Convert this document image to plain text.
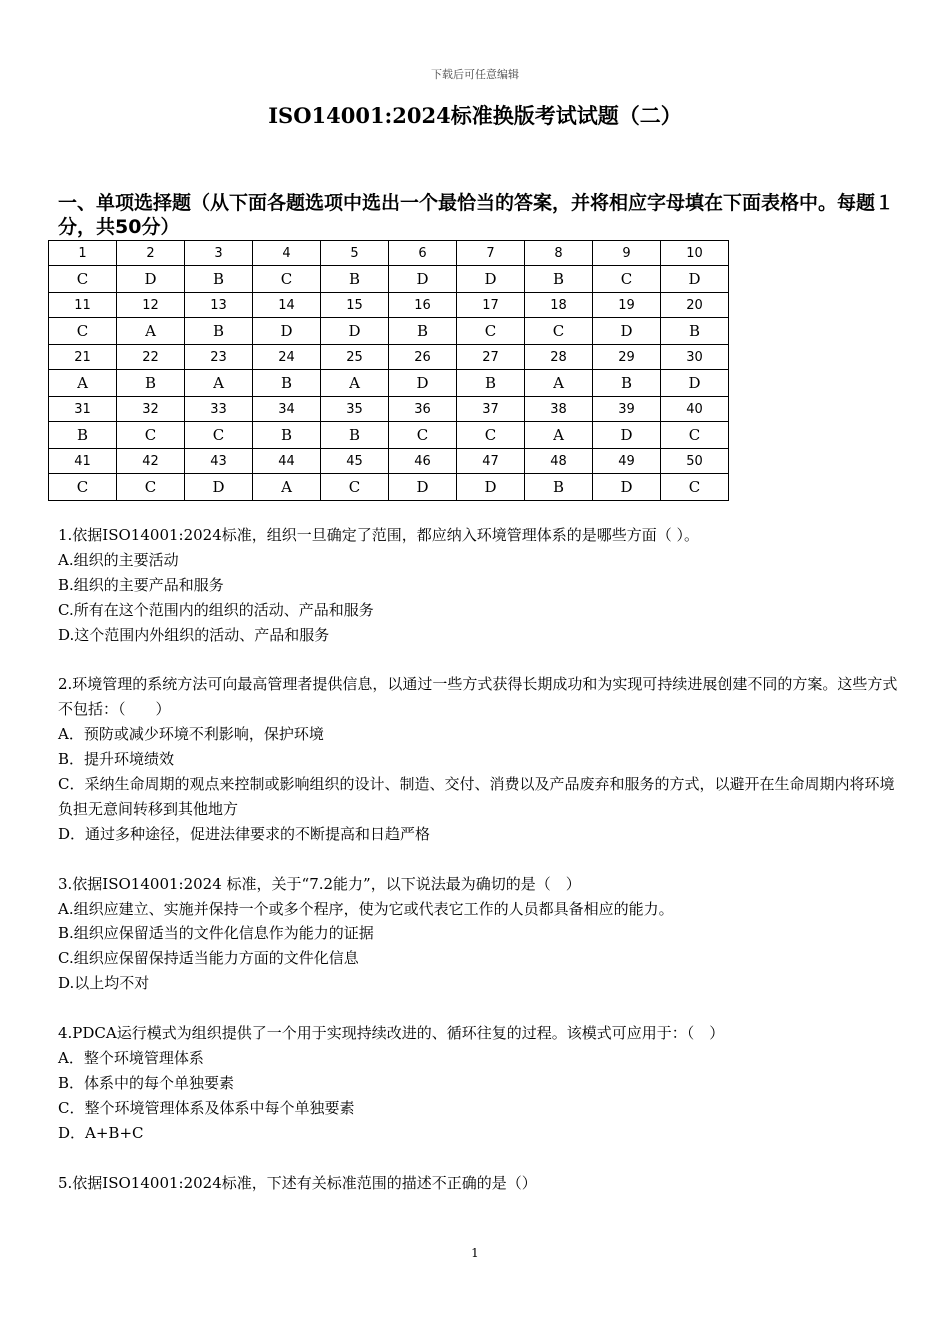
下载后可任意编辑
ISO14001:2024标准换版考试试题（二）
一、单项选择题（从下面各题选项中选出一个最恰当的答案，并将相应字母填在下面表格中。每题１分，共50分）
1	2	3	4	5	6	7	8	9	10
C	D	B	C	B	D	D	B	C	D
11	12	13	14	15	16	17	18	19	20
C	A	B	D	D	B	C	C	D	B
21	22	23	24	25	26	27	28	29	30
A	B	A	B	A	D	B	A	B	D
31	32	33	34	35	36	37	38	39	40
B	C	C	B	B	C	C	A	D	C
41	42	43	44	45	46	47	48	49	50
C	C	D	A	C	D	D	B	D	C

1.依据ISO14001:2024标准，组织一旦确定了范围，都应纳入环境管理体系的是哪些方面（ ）。

A.组织的主要活动

B.组织的主要产品和服务

C.所有在这个范围内的组织的活动、产品和服务

D.这个范围内外组织的活动、产品和服务

2.环境管理的系统方法可向最高管理者提供信息，以通过一些方式获得长期成功和为实现可持续进展创建不同的方案。这些方式不包括：（　　）

A．预防或减少环境不利影响，保护环境

B．提升环境绩效

C．采纳生命周期的观点来控制或影响组织的设计、制造、交付、消费以及产品废弃和服务的方式，以避开在生命周期内将环境负担无意间转移到其他地方

D．通过多种途径，促进法律要求的不断提高和日趋严格

3.依据ISO14001:2024 标准，关于“7.2能力”，以下说法最为确切的是（　）

A.组织应建立、实施并保持一个或多个程序，使为它或代表它工作的人员都具备相应的能力。

B.组织应保留适当的文件化信息作为能力的证据

C.组织应保留保持适当能力方面的文件化信息

D.以上均不对

4.PDCA运行模式为组织提供了一个用于实现持续改进的、循环往复的过程。该模式可应用于：（　）

A．整个环境管理体系

B．体系中的每个单独要素

C．整个环境管理体系及体系中每个单独要素

D．A+B+C

5.依据ISO14001:2024标准，下述有关标准范围的描述不正确的是（）

1
